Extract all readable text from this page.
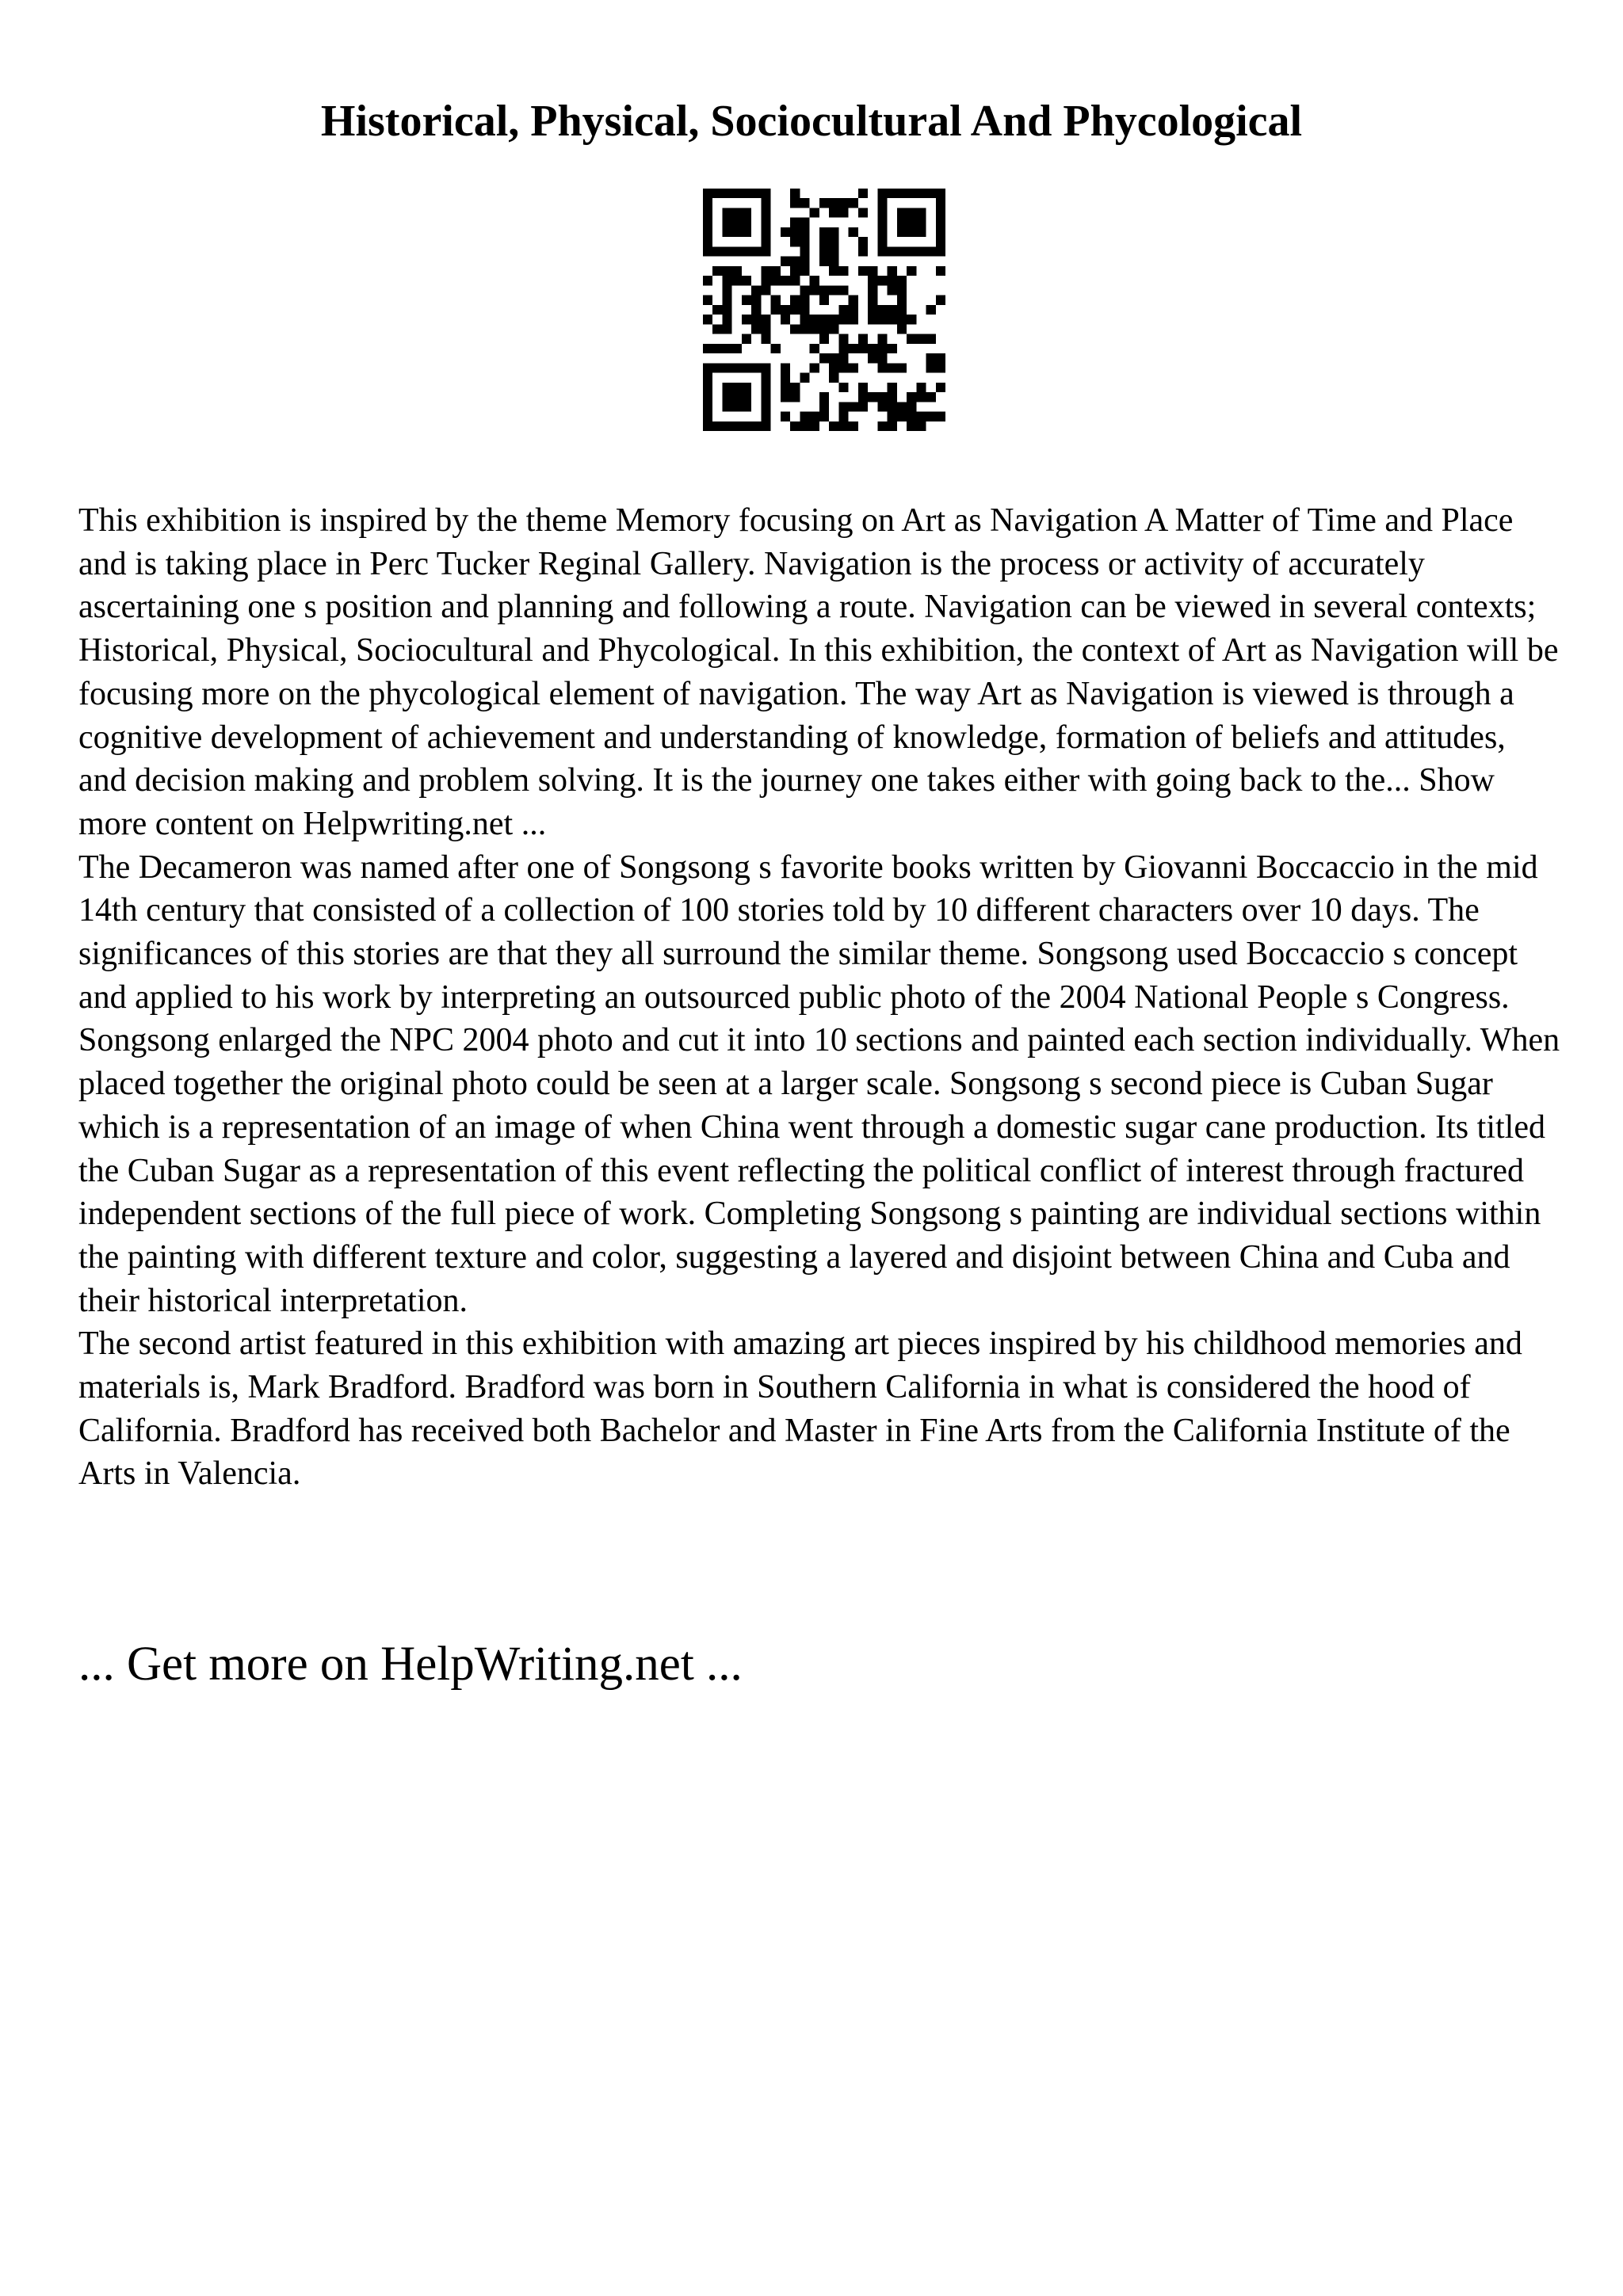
Historical, Physical, Sociocultural And Phycological

This exhibition is inspired by the theme Memory focusing on Art as Navigation A Matter of Time and Place and is taking place in Perc Tucker Reginal Gallery. Navigation is the process or activity of accurately ascertaining one s position and planning and following a route. Navigation can be viewed in several contexts; Historical, Physical, Sociocultural and Phycological. In this exhibition, the context of Art as Navigation will be focusing more on the phycological element of navigation. The way Art as Navigation is viewed is through a cognitive development of achievement and understanding of knowledge, formation of beliefs and attitudes, and decision making and problem solving. It is the journey one takes either with going back to the... Show more content on Helpwriting.net ...

The Decameron was named after one of Songsong s favorite books written by Giovanni Boccaccio in the mid 14th century that consisted of a collection of 100 stories told by 10 different characters over 10 days. The significances of this stories are that they all surround the similar theme. Songsong used Boccaccio s concept and applied to his work by interpreting an outsourced public photo of the 2004 National People s Congress. Songsong enlarged the NPC 2004 photo and cut it into 10 sections and painted each section individually. When placed together the original photo could be seen at a larger scale. Songsong s second piece is Cuban Sugar which is a representation of an image of when China went through a domestic sugar cane production. Its titled the Cuban Sugar as a representation of this event reflecting the political conflict of interest through fractured independent sections of the full piece of work. Completing Songsong s painting are individual sections within the painting with different texture and color, suggesting a layered and disjoint between China and Cuba and their historical interpretation.

The second artist featured in this exhibition with amazing art pieces inspired by his childhood memories and materials is, Mark Bradford. Bradford was born in Southern California in what is considered the hood of California. Bradford has received both Bachelor and Master in Fine Arts from the California Institute of the Arts in Valencia.

... Get more on HelpWriting.net ...
